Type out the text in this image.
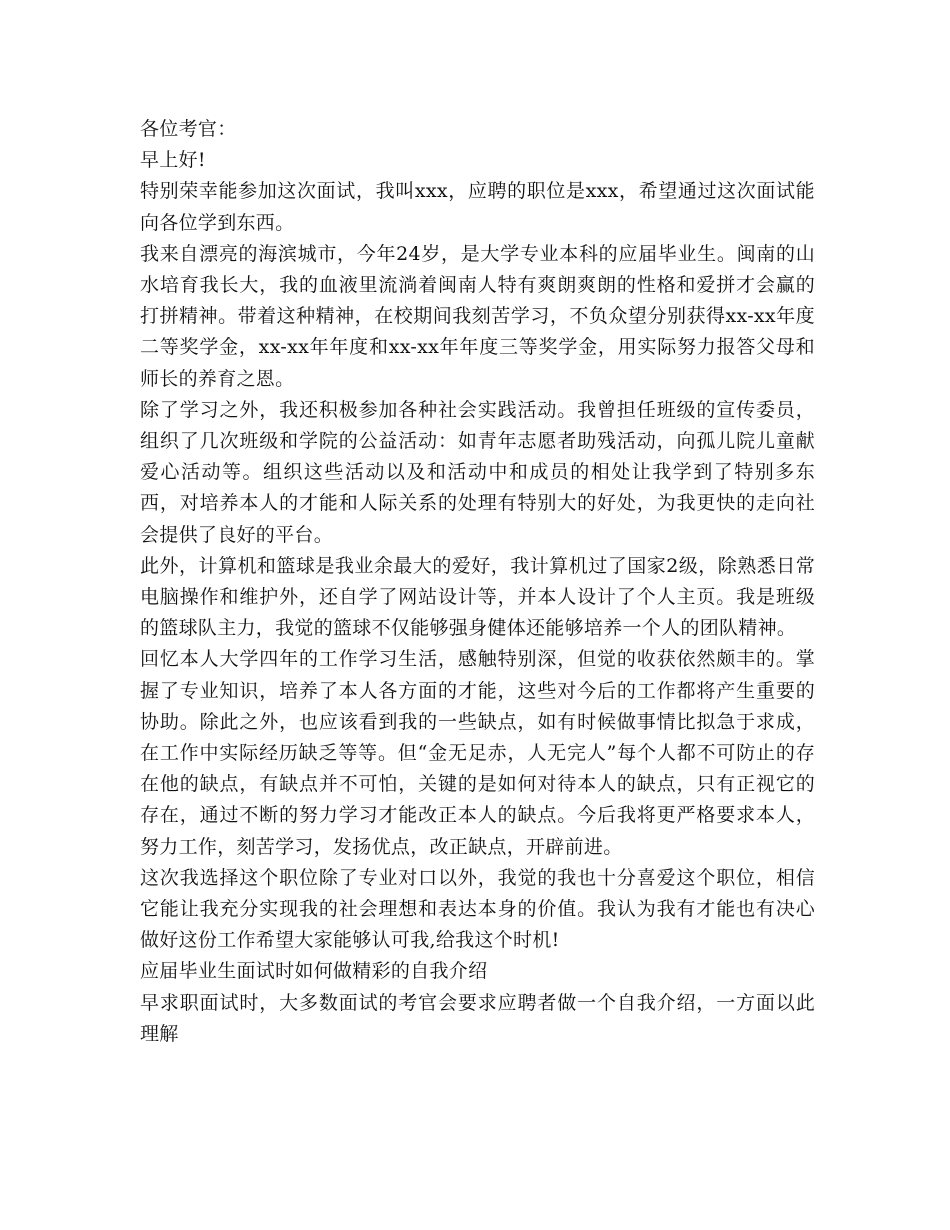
各位考官：

早上好!

特别荣幸能参加这次面试，我叫xxx，应聘的职位是xxx，希望通过这次面试能向各位学到东西。

我来自漂亮的海滨城市，今年24岁，是大学专业本科的应届毕业生。闽南的山水培育我长大，我的血液里流淌着闽南人特有爽朗爽朗的性格和爱拼才会赢的打拼精神。带着这种精神，在校期间我刻苦学习，不负众望分别获得xx-xx年度二等奖学金，xx-xx年年度和xx-xx年年度三等奖学金，用实际努力报答父母和师长的养育之恩。

除了学习之外，我还积极参加各种社会实践活动。我曾担任班级的宣传委员，组织了几次班级和学院的公益活动：如青年志愿者助残活动，向孤儿院儿童献爱心活动等。组织这些活动以及和活动中和成员的相处让我学到了特别多东西，对培养本人的才能和人际关系的处理有特别大的好处，为我更快的走向社会提供了良好的平台。

此外，计算机和篮球是我业余最大的爱好，我计算机过了国家2级，除熟悉日常电脑操作和维护外，还自学了网站设计等，并本人设计了个人主页。我是班级的篮球队主力，我觉的篮球不仅能够强身健体还能够培养一个人的团队精神。

回忆本人大学四年的工作学习生活，感触特别深，但觉的收获依然颇丰的。掌握了专业知识，培养了本人各方面的才能，这些对今后的工作都将产生重要的协助。除此之外，也应该看到我的一些缺点，如有时候做事情比拟急于求成，在工作中实际经历缺乏等等。但“金无足赤，人无完人”每个人都不可防止的存在他的缺点，有缺点并不可怕，关键的是如何对待本人的缺点，只有正视它的存在，通过不断的努力学习才能改正本人的缺点。今后我将更严格要求本人，努力工作，刻苦学习，发扬优点，改正缺点，开辟前进。

这次我选择这个职位除了专业对口以外，我觉的我也十分喜爱这个职位，相信它能让我充分实现我的社会理想和表达本身的价值。我认为我有才能也有决心做好这份工作希望大家能够认可我,给我这个时机!

应届毕业生面试时如何做精彩的自我介绍

早求职面试时，大多数面试的考官会要求应聘者做一个自我介绍，一方面以此理解
